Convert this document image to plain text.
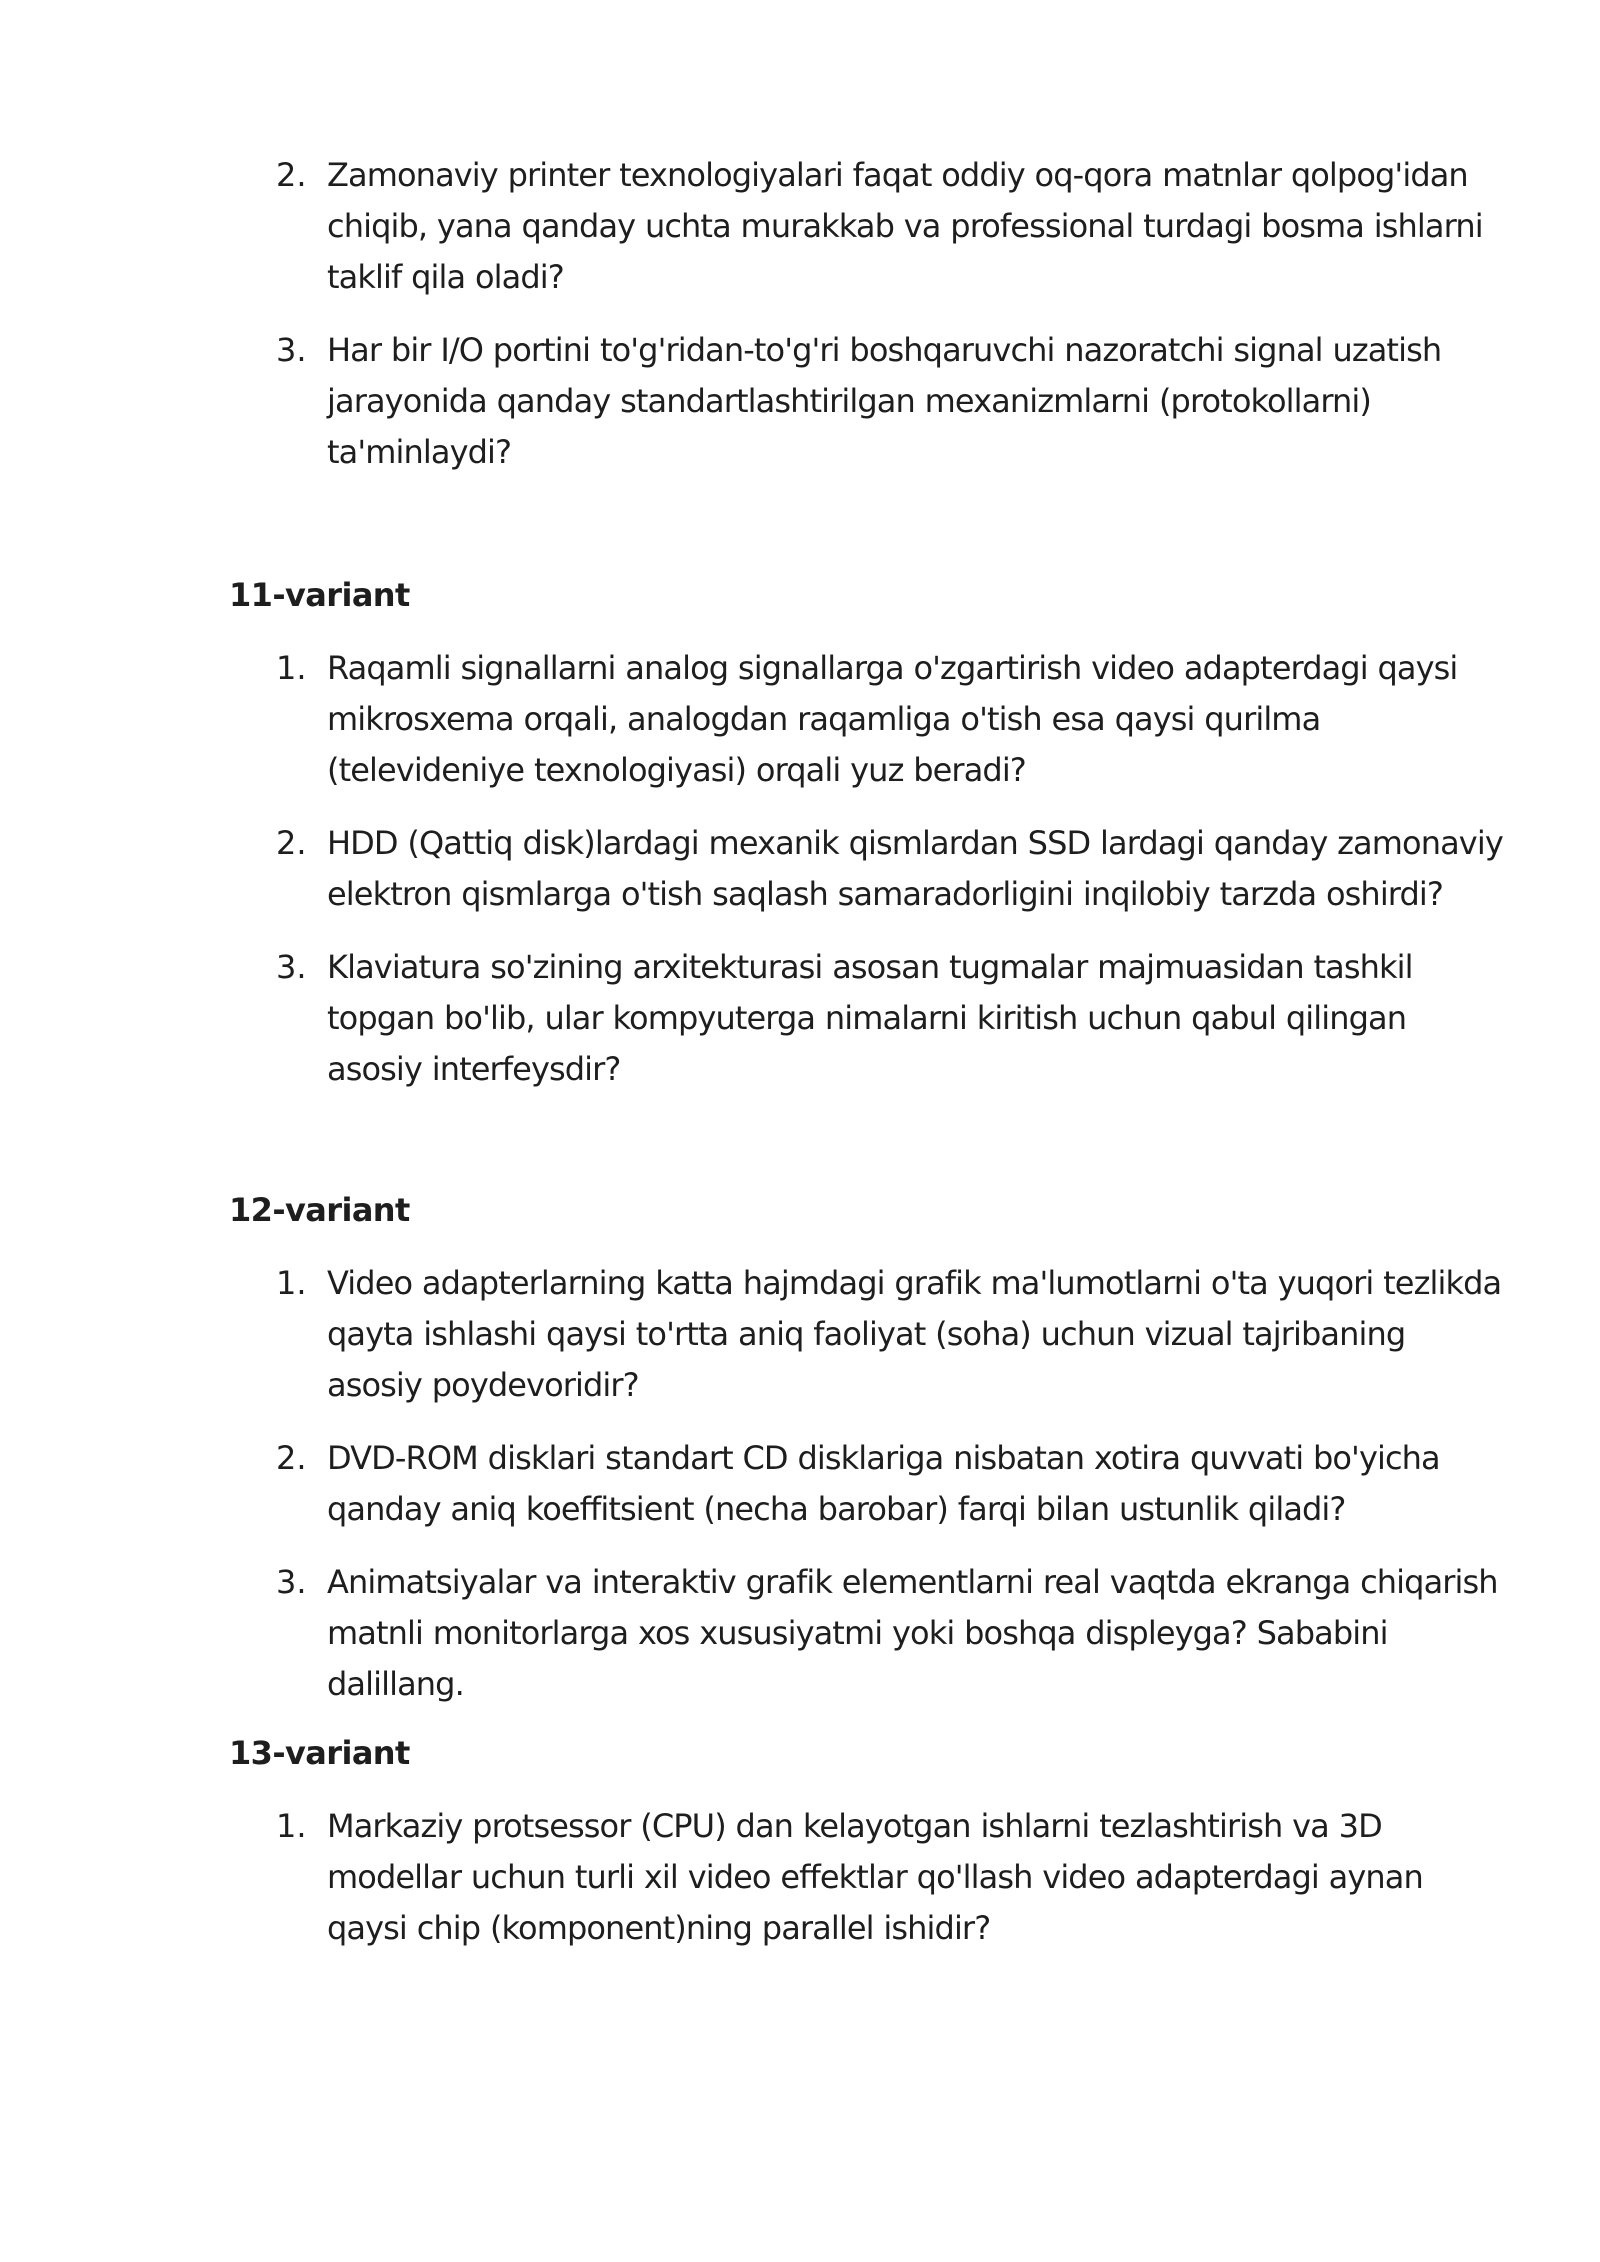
2. Zamonaviy printer texnologiyalari faqat oddiy oq-qora matnlar qolpog'idan chiqib, yana qanday uchta murakkab va professional turdagi bosma ishlarni taklif qila oladi?
3. Har bir I/O portini to'g'ridan-to'g'ri boshqaruvchi nazoratchi signal uzatish jarayonida qanday standartlashtirilgan mexanizmlarni (protokollarni) ta'minlaydi?
11-variant
1. Raqamli signallarni analog signallarga o'zgartirish video adapterdagi qaysi mikrosxema orqali, analogdan raqamliga o'tish esa qaysi qurilma (televideniye texnologiyasi) orqali yuz beradi?
2. HDD (Qattiq disk)lardagi mexanik qismlardan SSD lardagi qanday zamonaviy elektron qismlarga o'tish saqlash samaradorligini inqilobiy tarzda oshirdi?
3. Klaviatura so'zining arxitekturasi asosan tugmalar majmuasidan tashkil topgan bo'lib, ular kompyuterga nimalarni kiritish uchun qabul qilingan asosiy interfeysdir?
12-variant
1. Video adapterlarning katta hajmdagi grafik ma'lumotlarni o'ta yuqori tezlikda qayta ishlashi qaysi to'rtta aniq faoliyat (soha) uchun vizual tajribaning asosiy poydevoridir?
2. DVD-ROM disklari standart CD disklariga nisbatan xotira quvvati bo'yicha qanday aniq koeffitsient (necha barobar) farqi bilan ustunlik qiladi?
3. Animatsiyalar va interaktiv grafik elementlarni real vaqtda ekranga chiqarish matnli monitorlarga xos xususiyatmi yoki boshqa displeyga? Sababini dalillang.
13-variant
1. Markaziy protsessor (CPU) dan kelayotgan ishlarni tezlashtirish va 3D modellar uchun turli xil video effektlar qo'llash video adapterdagi aynan qaysi chip (komponent)ning parallel ishidir?
